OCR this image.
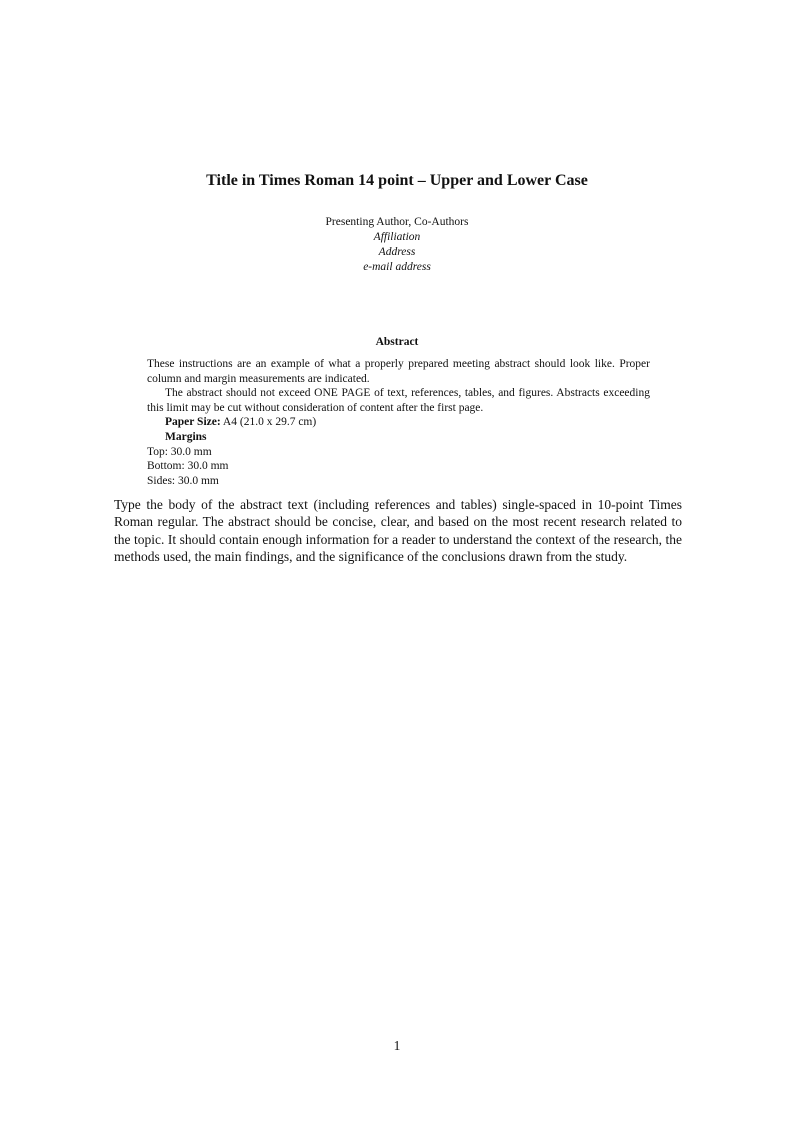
Title in Times Roman 14 point – Upper and Lower Case
Presenting Author, Co-Authors
Affiliation
Address
e-mail address
Abstract

These instructions are an example of what a properly prepared meeting abstract should look like. Proper column and margin measurements are indicated.

The abstract should not exceed ONE PAGE of text, references, tables, and figures. Abstracts exceeding this limit may be cut without consideration of content after the first page.

Paper Size: A4 (21.0 x 29.7 cm)

Margins

Top: 30.0 mm

Bottom: 30.0 mm

Sides: 30.0 mm

Type the body of the abstract text (including references and tables) single-spaced in 10-point Times Roman regular. The abstract should be concise, clear, and based on the most recent research related to the topic. It should contain enough information for a reader to understand the context of the research, the methods used, the main findings, and the significance of the conclusions drawn from the study.

1
